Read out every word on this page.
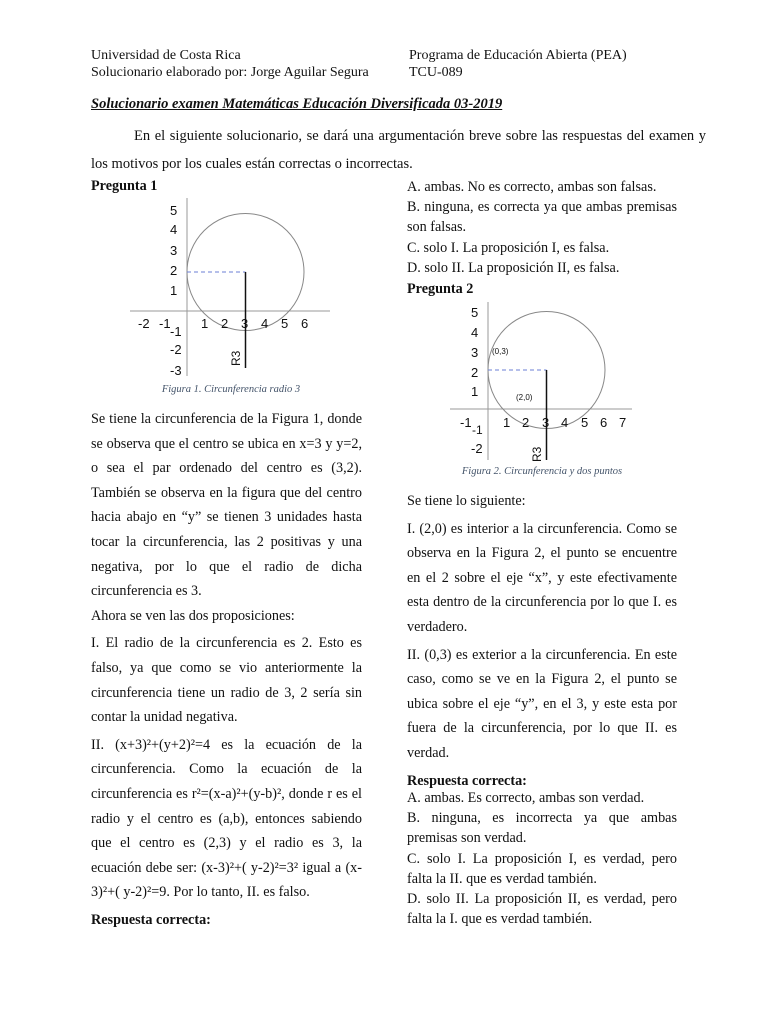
Universidad de Costa Rica
Solucionario elaborado por: Jorge Aguilar Segura
Programa de Educación Abierta (PEA)
TCU-089
Solucionario examen Matemáticas Educación Diversificada 03-2019
En el siguiente solucionario, se dará una argumentación breve sobre las respuestas del examen y los motivos por los cuales están correctas o incorrectas.
Pregunta 1
5
4
3
2
1
-2
-3
-2 -1
-1
1 2 3 4 5 6
R3
Figura 1. Circunferencia radio 3

Se tiene la circunferencia de la Figura 1, donde se observa que el centro se ubica en x=3 y y=2, o sea el par ordenado del centro es (3,2). También se observa en la figura que del centro hacia abajo en “y” se tienen 3 unidades hasta tocar la circunferencia, las 2 positivas y una negativa, por lo que el radio de dicha circunferencia es 3.

Ahora se ven las dos proposiciones:

I. El radio de la circunferencia es 2. Esto es falso, ya que como se vio anteriormente la circunferencia tiene un radio de 3, 2 sería sin contar la unidad negativa.

II. (x+3)²+(y+2)²=4 es la ecuación de la circunferencia. Como la ecuación de la circunferencia es r²=(x-a)²+(y-b)², donde r es el radio y el centro es (a,b), entonces sabiendo que el centro es (2,3) y el radio es 3, la ecuación debe ser: (x-3)²+( y-2)²=3² igual a (x-3)²+( y-2)²=9. Por lo tanto, II. es falso.

Respuesta correcta:

A. ambas. No es correcto, ambas son falsas.
B. ninguna, es correcta ya que ambas premisas son falsas.
C. solo I. La proposición I, es falsa.
D. solo II. La proposición II, es falsa.
Pregunta 2
5
4
3
2
1
-2
-1 -1 1 2 3 4 5 6 7
(0,3)
(2,0)
R3
Figura 2. Circunferencia y dos puntos

Se tiene lo siguiente:

I. (2,0) es interior a la circunferencia. Como se observa en la Figura 2, el punto se encuentre en el 2 sobre el eje “x”, y este efectivamente esta dentro de la circunferencia por lo que I. es verdadero.

II. (0,3) es exterior a la circunferencia. En este caso, como se ve en la Figura 2, el punto se ubica sobre el eje “y”, en el 3, y este esta por fuera de la circunferencia, por lo que II. es verdad.

Respuesta correcta:

A. ambas. Es correcto, ambas son verdad.
B. ninguna, es incorrecta ya que ambas premisas son verdad.
C. solo I. La proposición I, es verdad, pero falta la II. que es verdad también.
D. solo II. La proposición II, es verdad, pero falta la I. que es verdad también.
